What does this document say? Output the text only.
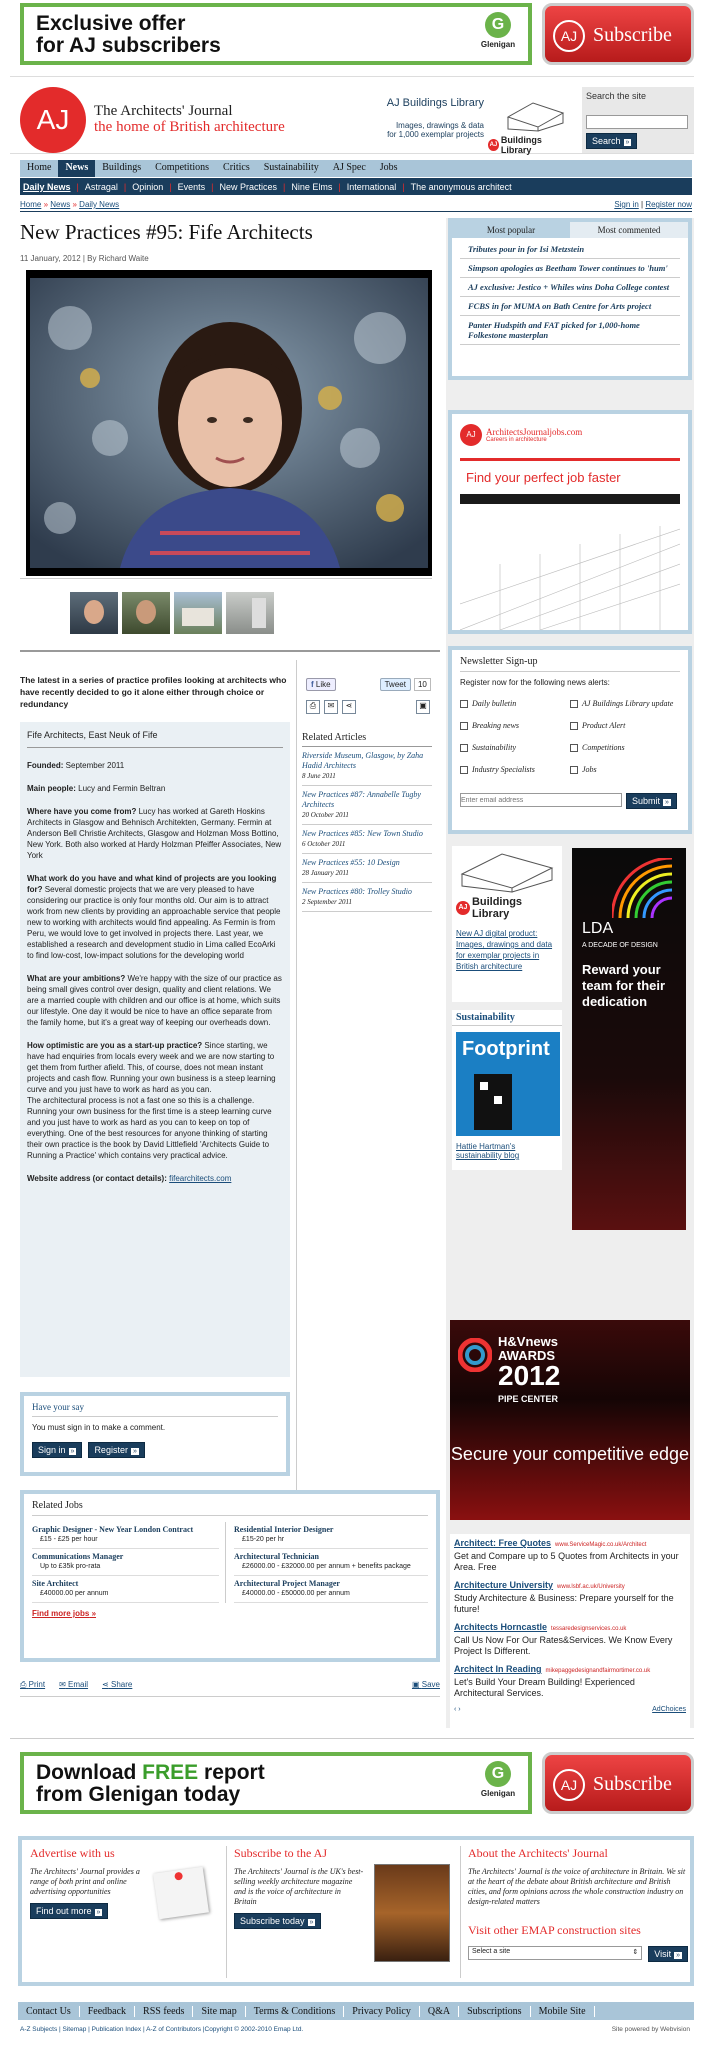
Exclusive offer
for AJ subscribers
G
Glenigan
AJ Subscribe
AJ	The Architects' Journal
the home of British architecture
AJ Buildings Library
Images, drawings & data
for 1,000 exemplar projects
AJ Buildings Library
Search the site
Search »
Home	News	Buildings	Competitions	Critics	Sustainability	AJ Spec	Jobs
Daily News | Astragal | Opinion | Events | New Practices | Nine Elms | International | The anonymous architect
Home » News » Daily News	Sign in | Register now
New Practices #95: Fife Architects
11 January, 2012 | By Richard Waite
The latest in a series of practice profiles looking at architects who have recently decided to go it alone either through choice or redundancy
f Like	Tweet	10
⎙	✉	⋖	▣
Fife Architects, East Neuk of Fife
Founded: September 2011
Main people: Lucy and Fermin Beltran
Where have you come from? Lucy has worked at Gareth Hoskins Architects in Glasgow and Behnisch Architekten, Germany. Fermin at Anderson Bell Christie Architects, Glasgow and Holzman Moss Bottino, New York. Both also worked at Hardy Holzman Pfeiffer Associates, New York
What work do you have and what kind of projects are you looking for? Several domestic projects that we are very pleased to have considering our practice is only four months old. Our aim is to attract work from new clients by providing an approachable service that people new to working with architects would find appealing. As Fermin is from Peru, we would love to get involved in projects there. Last year, we established a research and development studio in Lima called EcoArki to find low-cost, low-impact solutions for the developing world
What are your ambitions? We're happy with the size of our practice as being small gives control over design, quality and client relations. We are a married couple with children and our office is at home, which suits our lifestyle. One day it would be nice to have an office separate from the family home, but it's a great way of keeping our overheads down.
How optimistic are you as a start-up practice? Since starting, we have had enquiries from locals every week and we are now starting to get them from further afield. This, of course, does not mean instant projects and cash flow. Running your own business is a steep learning curve and you just have to work as hard as you can.
The architectural process is not a fast one so this is a challenge. Running your own business for the first time is a steep learning curve and you just have to work as hard as you can to keep on top of everything. One of the best resources for anyone thinking of starting their own practice is the book by David Littlefield 'Architects Guide to Running a Practice' which contains very practical advice.
Website address (or contact details): fifearchitects.com
Related Articles
Riverside Museum, Glasgow, by Zaha Hadid Architects
8 June 2011
New Practices #87: Annabelle Tugby Architects
20 October 2011
New Practices #85: New Town Studio
6 October 2011
New Practices #55: 10 Design
28 January 2011
New Practices #80: Trolley Studio
2 September 2011
Have your say
You must sign in to make a comment.
Sign in »	Register »
Related Jobs
Graphic Designer - New Year London Contract
£15 - £25 per hour
Communications Manager
Up to £35k pro-rata
Site Architect
£40000.00 per annum
Residential Interior Designer
£15-20 per hr
Architectural Technician
£26000.00 - £32000.00 per annum + benefits package
Architectural Project Manager
£40000.00 - £50000.00 per annum
Find more jobs »
⎙ Print ✉ Email ⋖ Share	▣ Save
Most popular	Most commented
Tributes pour in for Isi Metzstein
Simpson apologies as Beetham Tower continues to 'hum'
AJ exclusive: Jestico + Whiles wins Doha College contest
FCBS in for MUMA on Bath Centre for Arts project
Panter Hudspith and FAT picked for 1,000-home Folkestone masterplan
AJ	ArchitectsJournaljobs.com
Careers in architecture
Find your perfect job faster
Newsletter Sign-up
Register now for the following news alerts:
Daily bulletin
Breaking news
Sustainability
Industry Specialists
AJ Buildings Library update
Product Alert
Competitions
Jobs
Enter email address
Submit »
AJ Buildings Library
New AJ digital product: Images, drawings and data for exemplar projects in British architecture
Sustainability
Footprint
Hattie Hartman's sustainability blog
LDA
A DECADE OF DESIGN
Reward your team for their dedication
H&Vnews
AWARDS
2012
PIPE CENTER
Secure your competitive edge
Architect: Free Quotes www.ServiceMagic.co.uk/Architect
Get and Compare up to 5 Quotes from Architects in your Area. Free
Architecture University www.lsbf.ac.uk/University
Study Architecture & Business: Prepare yourself for the future!
Architects Horncastle tessaredesignservices.co.uk
Call Us Now For Our Rates&Services. We Know Every Project Is Different.
Architect In Reading mikepaggedesignandfairmortimer.co.uk
Let's Build Your Dream Building! Experienced Architectural Services.
‹ ›	AdChoices
Download FREE report
from Glenigan today
G
Glenigan
AJ Subscribe
Advertise with us
The Architects' Journal provides a range of both print and online advertising opportunities
Find out more »
Subscribe to the AJ
The Architects' Journal is the UK's best-selling weekly architecture magazine and is the voice of architecture in Britain
Subscribe today »
About the Architects' Journal
The Architects' Journal is the voice of architecture in Britain. We sit at the heart of the debate about British architecture and British cities, and form opinions across the whole construction industry on design-related matters
Visit other EMAP construction sites
Select a site	⇕	Visit »
Contact Us	Feedback	RSS feeds	Site map	Terms & Conditions	Privacy Policy	Q&A	Subscriptions	Mobile Site
A-Z Subjects | Sitemap | Publication Index | A-Z of Contributors |Copyright © 2002-2010 Emap Ltd.	Site powered by Webvision
